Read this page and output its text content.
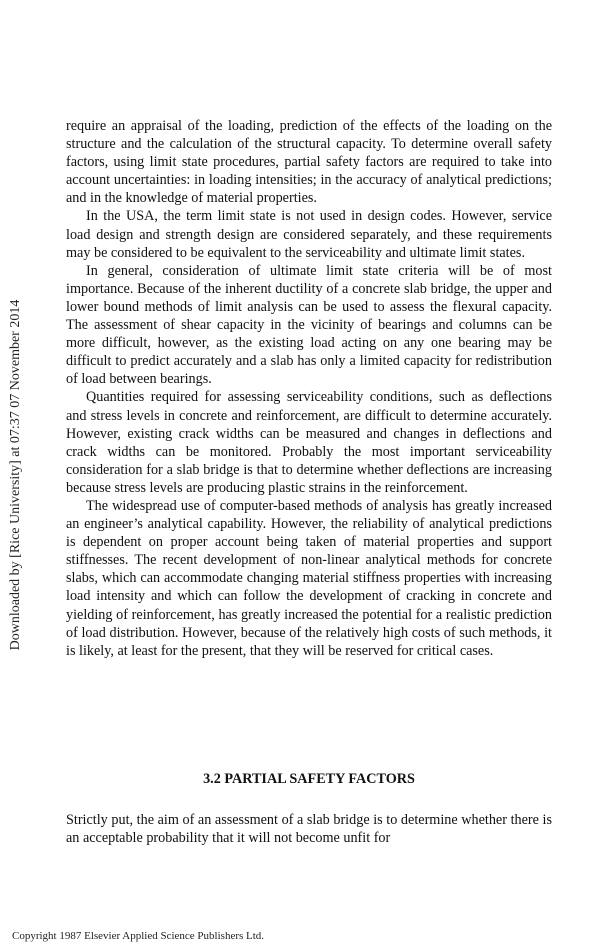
Downloaded by [Rice University] at 07:37 07 November 2014

require an appraisal of the loading, prediction of the effects of the loading on the structure and the calculation of the structural capacity. To determine overall safety factors, using limit state procedures, partial safety factors are required to take into account uncertainties: in loading intensities; in the accuracy of analytical predictions; and in the knowledge of material properties.

In the USA, the term limit state is not used in design codes. However, service load design and strength design are considered separately, and these requirements may be considered to be equivalent to the serviceability and ultimate limit states.

In general, consideration of ultimate limit state criteria will be of most importance. Because of the inherent ductility of a concrete slab bridge, the upper and lower bound methods of limit analysis can be used to assess the flexural capacity. The assessment of shear capacity in the vicinity of bearings and columns can be more difficult, however, as the existing load acting on any one bearing may be difficult to predict accurately and a slab has only a limited capacity for redistribution of load between bearings.

Quantities required for assessing serviceability conditions, such as deflections and stress levels in concrete and reinforcement, are difficult to determine accurately. However, existing crack widths can be measured and changes in deflections and crack widths can be monitored. Probably the most important serviceability consideration for a slab bridge is that to determine whether deflections are increasing because stress levels are producing plastic strains in the reinforcement.

The widespread use of computer-based methods of analysis has greatly increased an engineer’s analytical capability. However, the reliability of analytical predictions is dependent on proper account being taken of material properties and support stiffnesses. The recent development of non-linear analytical methods for concrete slabs, which can accommodate changing material stiffness properties with increasing load intensity and which can follow the development of cracking in concrete and yielding of reinforcement, has greatly increased the potential for a realistic prediction of load distribution. However, because of the relatively high costs of such methods, it is likely, at least for the present, that they will be reserved for critical cases.

3.2 PARTIAL SAFETY FACTORS

Strictly put, the aim of an assessment of a slab bridge is to determine whether there is an acceptable probability that it will not become unfit for

Copyright 1987 Elsevier Applied Science Publishers Ltd.
